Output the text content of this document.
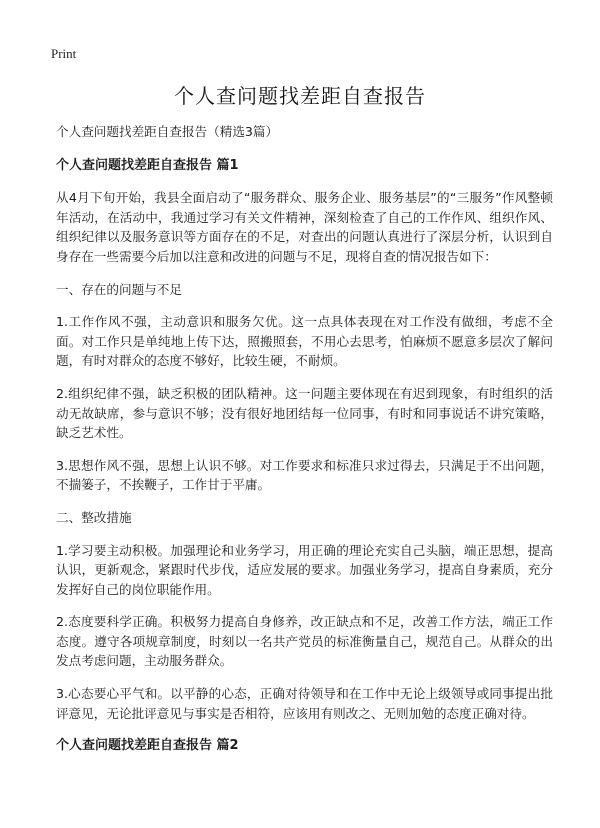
Print
个人查问题找差距自查报告

个人查问题找差距自查报告（精选3篇）

个人查问题找差距自查报告 篇1

从4月下旬开始，我县全面启动了“服务群众、服务企业、服务基层”的“三服务”作风整顿年活动，在活动中，我通过学习有关文件精神，深刻检查了自己的工作作风、组织作风、组织纪律以及服务意识等方面存在的不足，对查出的问题认真进行了深层分析，认识到自身存在一些需要今后加以注意和改进的问题与不足，现将自查的情况报告如下：

一、存在的问题与不足

1.工作作风不强，主动意识和服务欠优。这一点具体表现在对工作没有做细，考虑不全面。对工作只是单纯地上传下达，照搬照套，不用心去思考，怕麻烦不愿意多层次了解问题，有时对群众的态度不够好，比较生硬，不耐烦。

2.组织纪律不强，缺乏积极的团队精神。这一问题主要体现在有迟到现象，有时组织的活动无故缺席，参与意识不够；没有很好地团结每一位同事，有时和同事说话不讲究策略，缺乏艺术性。

3.思想作风不强，思想上认识不够。对工作要求和标准只求过得去，只满足于不出问题，不揣篓子，不挨鞭子，工作甘于平庸。

二、整改措施

1.学习要主动积极。加强理论和业务学习，用正确的理论充实自己头脑，端正思想，提高认识，更新观念，紧跟时代步伐，适应发展的要求。加强业务学习，提高自身素质，充分发挥好自己的岗位职能作用。

2.态度要科学正确。积极努力提高自身修养，改正缺点和不足，改善工作方法，端正工作态度。遵守各项规章制度，时刻以一名共产党员的标准衡量自己，规范自己。从群众的出发点考虑问题，主动服务群众。

3.心态要心平气和。以平静的心态，正确对待领导和在工作中无论上级领导或同事提出批评意见，无论批评意见与事实是否相符，应该用有则改之、无则加勉的态度正确对待。

个人查问题找差距自查报告 篇2
